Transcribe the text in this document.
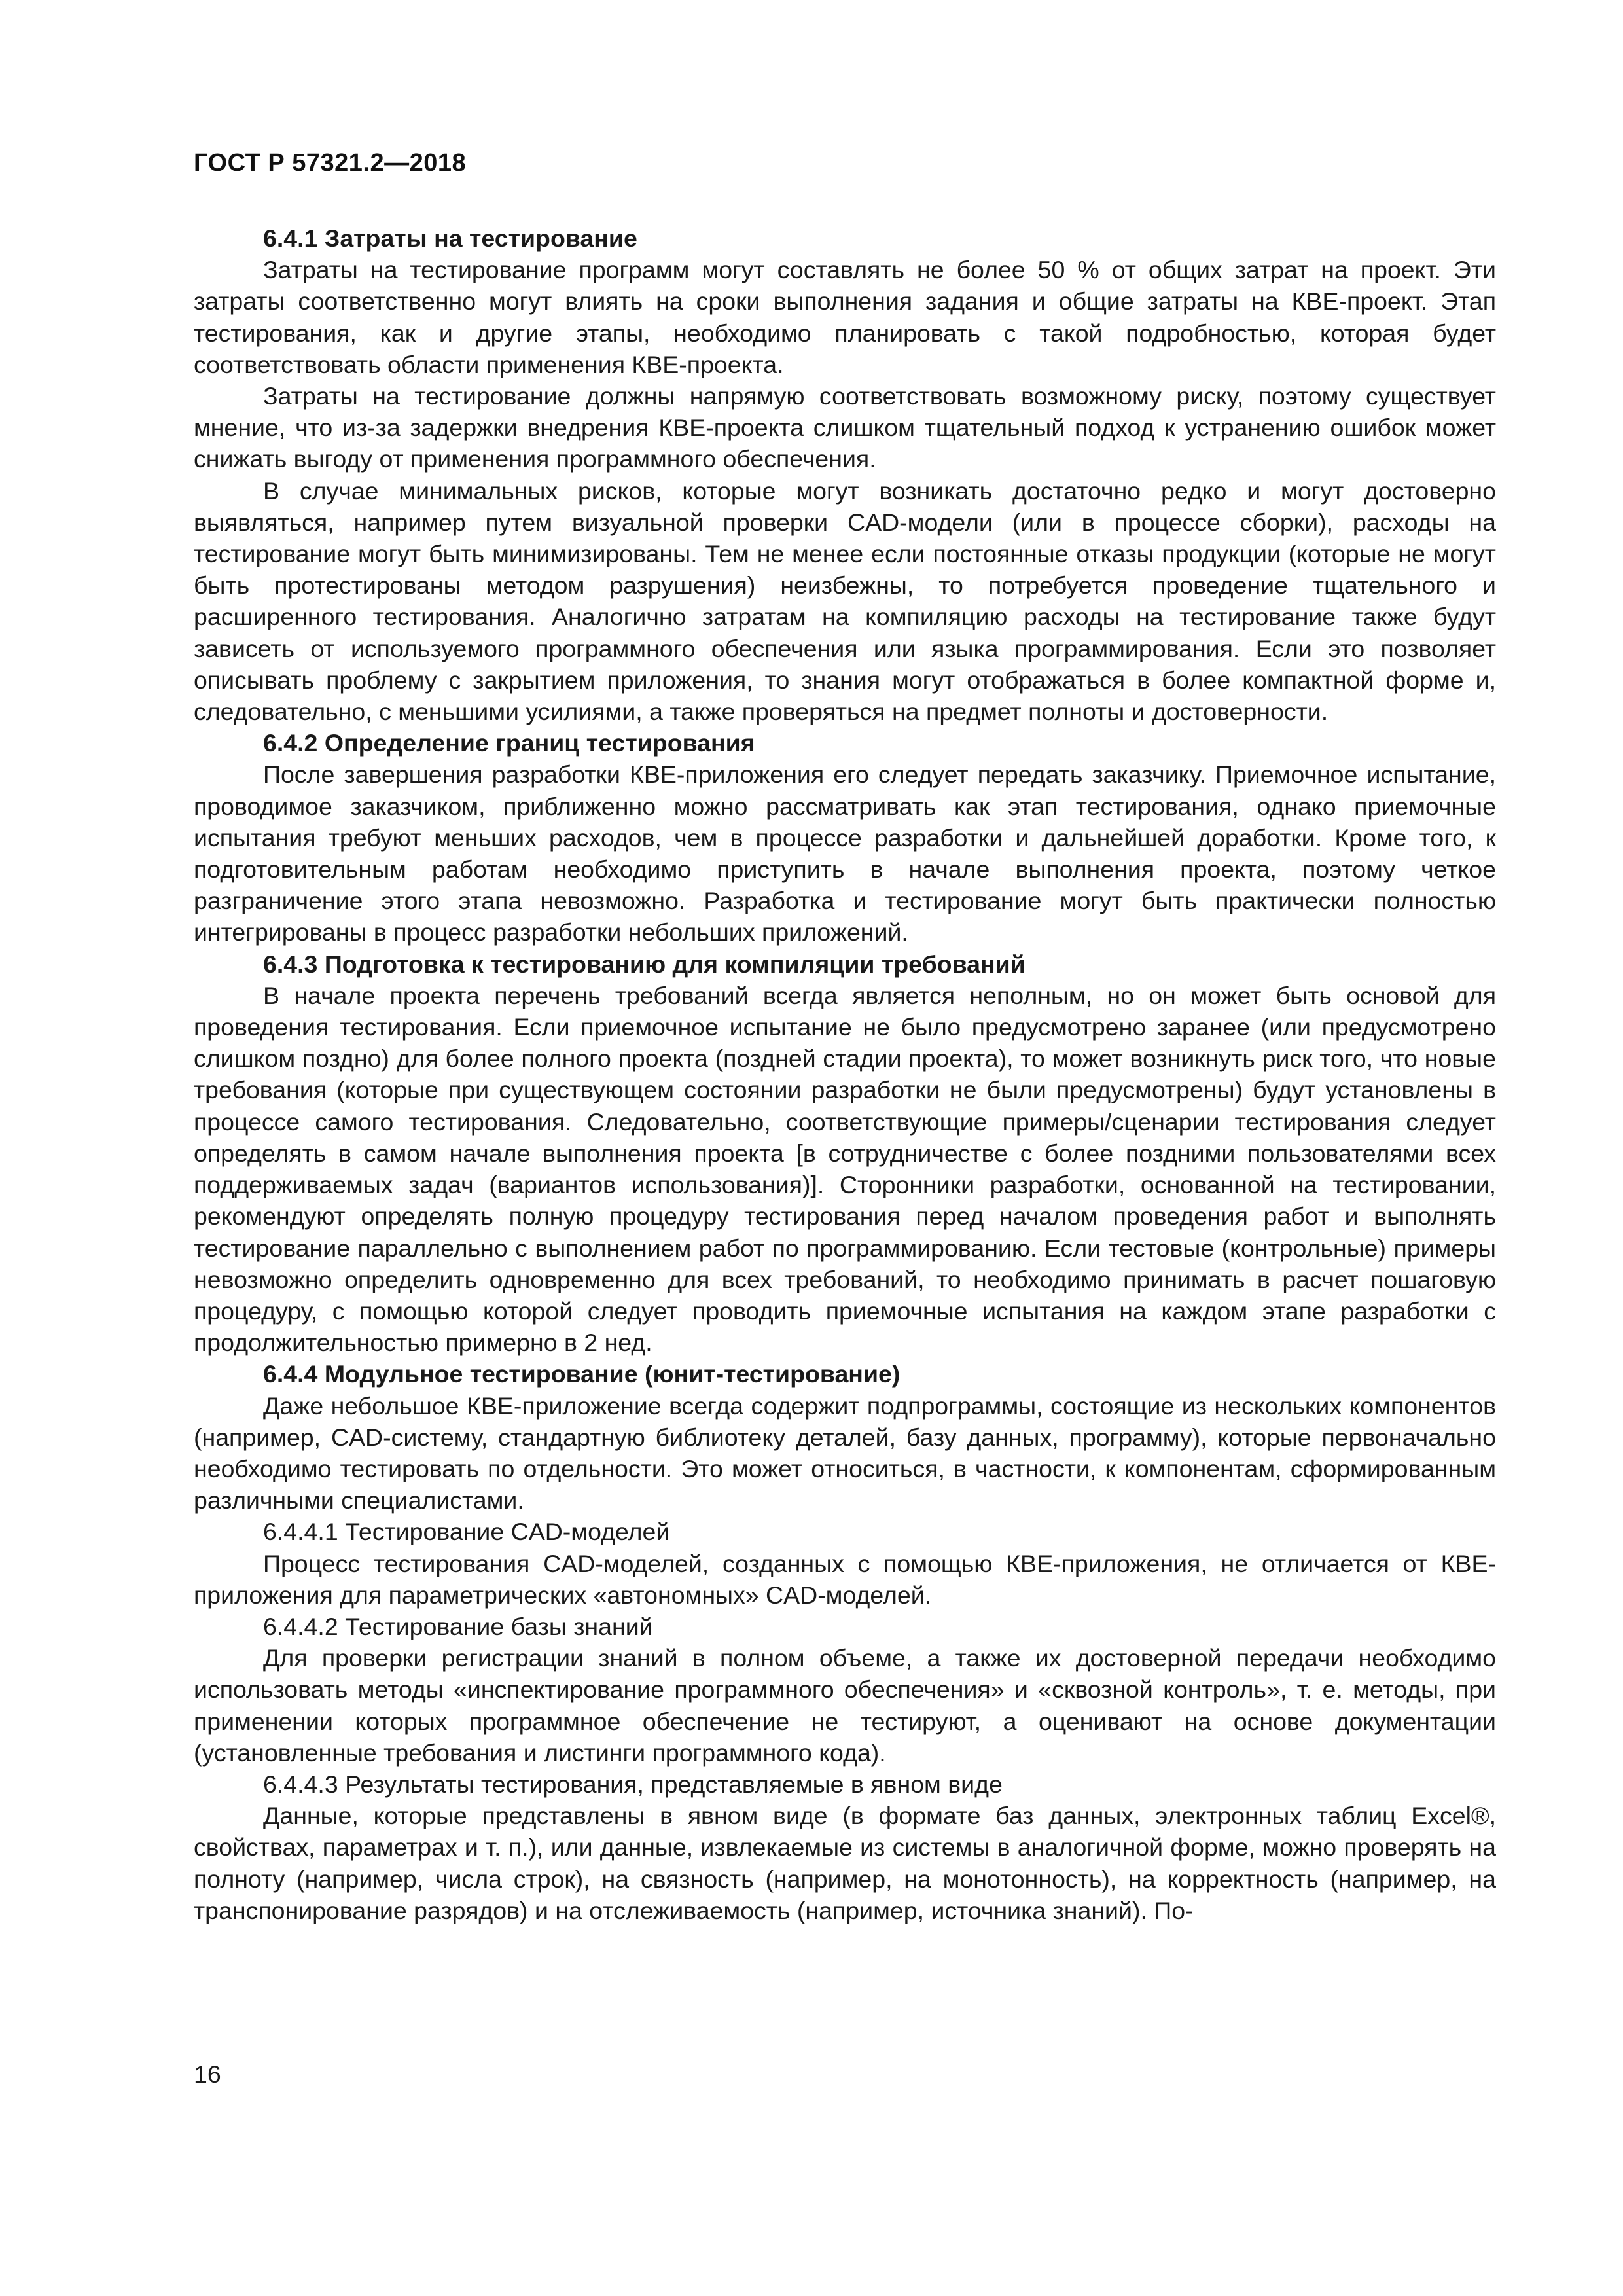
ГОСТ Р 57321.2—2018

6.4.1 Затраты на тестирование

Затраты на тестирование программ могут составлять не более 50 % от общих затрат на проект. Эти затраты соответственно могут влиять на сроки выполнения задания и общие затраты на КВЕ-проект. Этап тестирования, как и другие этапы, необходимо планировать с такой подробностью, которая будет соответствовать области применения КВЕ-проекта.

Затраты на тестирование должны напрямую соответствовать возможному риску, поэтому существует мнение, что из-за задержки внедрения КВЕ-проекта слишком тщательный подход к устранению ошибок может снижать выгоду от применения программного обеспечения.

В случае минимальных рисков, которые могут возникать достаточно редко и могут достоверно выявляться, например путем визуальной проверки CAD-модели (или в процессе сборки), расходы на тестирование могут быть минимизированы. Тем не менее если постоянные отказы продукции (которые не могут быть протестированы методом разрушения) неизбежны, то потребуется проведение тщательного и расширенного тестирования. Аналогично затратам на компиляцию расходы на тестирование также будут зависеть от используемого программного обеспечения или языка программирования. Если это позволяет описывать проблему с закрытием приложения, то знания могут отображаться в более компактной форме и, следовательно, с меньшими усилиями, а также проверяться на предмет полноты и достоверности.

6.4.2 Определение границ тестирования

После завершения разработки КВЕ-приложения его следует передать заказчику. Приемочное испытание, проводимое заказчиком, приближенно можно рассматривать как этап тестирования, однако приемочные испытания требуют меньших расходов, чем в процессе разработки и дальнейшей доработки. Кроме того, к подготовительным работам необходимо приступить в начале выполнения проекта, поэтому четкое разграничение этого этапа невозможно. Разработка и тестирование могут быть практически полностью интегрированы в процесс разработки небольших приложений.

6.4.3 Подготовка к тестированию для компиляции требований

В начале проекта перечень требований всегда является неполным, но он может быть основой для проведения тестирования. Если приемочное испытание не было предусмотрено заранее (или предусмотрено слишком поздно) для более полного проекта (поздней стадии проекта), то может возникнуть риск того, что новые требования (которые при существующем состоянии разработки не были предусмотрены) будут установлены в процессе самого тестирования. Следовательно, соответствующие примеры/сценарии тестирования следует определять в самом начале выполнения проекта [в сотрудничестве с более поздними пользователями всех поддерживаемых задач (вариантов использования)]. Сторонники разработки, основанной на тестировании, рекомендуют определять полную процедуру тестирования перед началом проведения работ и выполнять тестирование параллельно с выполнением работ по программированию. Если тестовые (контрольные) примеры невозможно определить одновременно для всех требований, то необходимо принимать в расчет пошаговую процедуру, с помощью которой следует проводить приемочные испытания на каждом этапе разработки с продолжительностью примерно в 2 нед.

6.4.4 Модульное тестирование (юнит-тестирование)

Даже небольшое КВЕ-приложение всегда содержит подпрограммы, состоящие из нескольких компонентов (например, CAD-систему, стандартную библиотеку деталей, базу данных, программу), которые первоначально необходимо тестировать по отдельности. Это может относиться, в частности, к компонентам, сформированным различными специалистами.

6.4.4.1 Тестирование CAD-моделей

Процесс тестирования CAD-моделей, созданных с помощью КВЕ-приложения, не отличается от КВЕ-приложения для параметрических «автономных» CAD-моделей.

6.4.4.2 Тестирование базы знаний

Для проверки регистрации знаний в полном объеме, а также их достоверной передачи необходимо использовать методы «инспектирование программного обеспечения» и «сквозной контроль», т. е. методы, при применении которых программное обеспечение не тестируют, а оценивают на основе документации (установленные требования и листинги программного кода).

6.4.4.3 Результаты тестирования, представляемые в явном виде

Данные, которые представлены в явном виде (в формате баз данных, электронных таблиц Excel®, свойствах, параметрах и т. п.), или данные, извлекаемые из системы в аналогичной форме, можно проверять на полноту (например, числа строк), на связность (например, на монотонность), на корректность (например, на транспонирование разрядов) и на отслеживаемость (например, источника знаний). По-

16
